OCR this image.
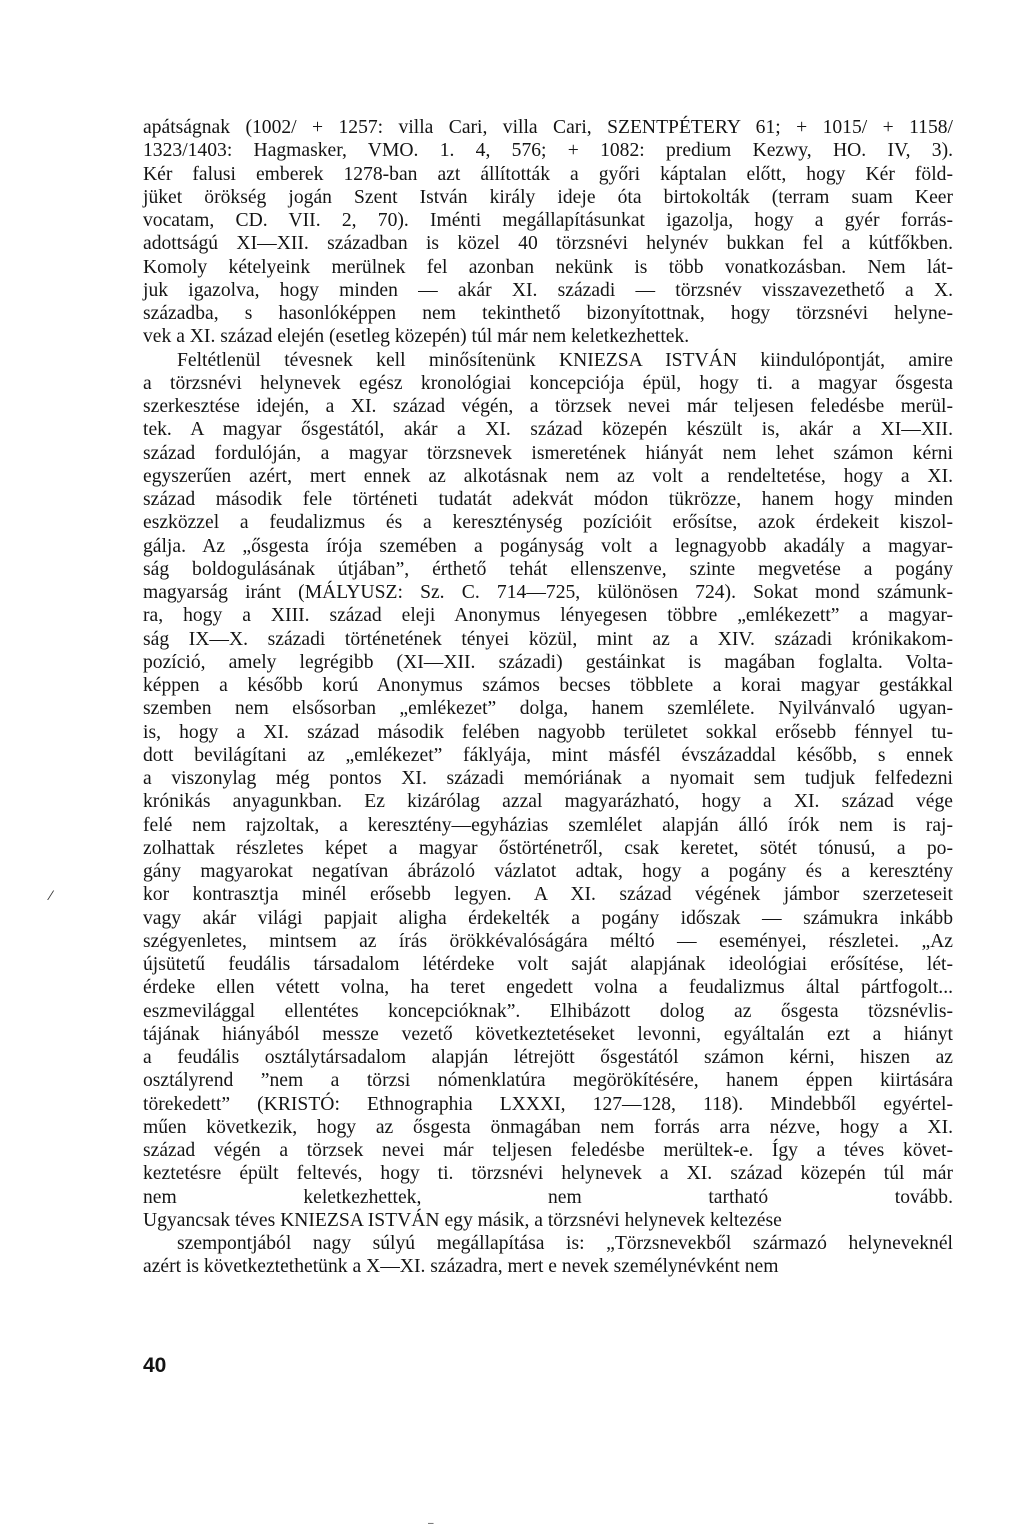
apátságnak (1002/ + 1257: villa Cari, villa Cari, SZENTPÉTERY 61; + 1015/ + 1158/
1323/1403: Hagmasker, VMO. 1. 4, 576; + 1082: predium Kezwy, HO. IV, 3).
Kér falusi emberek 1278-ban azt állították a győri káptalan előtt, hogy Kér föld-
jüket örökség jogán Szent István király ideje óta birtokolták (terram suam Keer
vocatam, CD. VII. 2, 70). Iménti megállapításunkat igazolja, hogy a gyér forrás-
adottságú XI—XII. században is közel 40 törzsnévi helynév bukkan fel a kútfőkben.
Komoly kételyeink merülnek fel azonban nekünk is több vonatkozásban. Nem lát-
juk igazolva, hogy minden — akár XI. századi — törzsnév visszavezethető a X.
századba, s hasonlóképpen nem tekinthető bizonyítottnak, hogy törzsnévi helyne-
vek a XI. század elején (esetleg közepén) túl már nem keletkezhettek.
Feltétlenül tévesnek kell minősítenünk KNIEZSA ISTVÁN kiindulópontját, amire
a törzsnévi helynevek egész kronológiai koncepciója épül, hogy ti. a magyar ősgesta
szerkesztése idején, a XI. század végén, a törzsek nevei már teljesen feledésbe merül-
tek. A magyar ősgestától, akár a XI. század közepén készült is, akár a XI—XII.
század fordulóján, a magyar törzsnevek ismeretének hiányát nem lehet számon kérni
egyszerűen azért, mert ennek az alkotásnak nem az volt a rendeltetése, hogy a XI.
század második fele történeti tudatát adekvát módon tükrözze, hanem hogy minden
eszközzel a feudalizmus és a kereszténység pozícióit erősítse, azok érdekeit kiszol-
gálja. Az „ősgesta írója szemében a pogányság volt a legnagyobb akadály a magyar-
ság boldogulásának útjában”, érthető tehát ellenszenve, szinte megvetése a pogány
magyarság iránt (MÁLYUSZ: Sz. C. 714—725, különösen 724). Sokat mond számunk-
ra, hogy a XIII. század eleji Anonymus lényegesen többre „emlékezett” a magyar-
ság IX—X. századi történetének tényei közül, mint az a XIV. századi krónikakom-
pozíció, amely legrégibb (XI—XII. századi) gestáinkat is magában foglalta. Volta-
képpen a később korú Anonymus számos becses többlete a korai magyar gestákkal
szemben nem elsősorban „emlékezet” dolga, hanem szemlélete. Nyilvánvaló ugyan-
is, hogy a XI. század második felében nagyobb területet sokkal erősebb fénnyel tu-
dott bevilágítani az „emlékezet” fáklyája, mint másfél évszázaddal később, s ennek
a viszonylag még pontos XI. századi memóriának a nyomait sem tudjuk felfedezni
krónikás anyagunkban. Ez kizárólag azzal magyarázható, hogy a XI. század vége
felé nem rajzoltak, a keresztény—egyházias szemlélet alapján álló írók nem is raj-
zolhattak részletes képet a magyar őstörténetről, csak keretet, sötét tónusú, a po-
gány magyarokat negatívan ábrázoló vázlatot adtak, hogy a pogány és a keresztény
kor kontrasztja minél erősebb legyen. A XI. század végének jámbor szerzeteseit
vagy akár világi papjait aligha érdekelték a pogány időszak — számukra inkább
szégyenletes, mintsem az írás örökkévalóságára méltó — eseményei, részletei. „Az
újsütetű feudális társadalom létérdeke volt saját alapjának ideológiai erősítése, lét-
érdeke ellen vétett volna, ha teret engedett volna a feudalizmus által pártfogolt...
eszmevilággal ellentétes koncepcióknak”. Elhibázott dolog az ősgesta tözsnévlis-
tájának hiányából messze vezető következtetéseket levonni, egyáltalán ezt a hiányt
a feudális osztálytársadalom alapján létrejött ősgestától számon kérni, hiszen az
osztályrend ”nem a törzsi nómenklatúra megörökítésére, hanem éppen kiirtására
törekedett” (KRISTÓ: Ethnographia LXXXI, 127—128, 118). Mindebből egyértel-
műen következik, hogy az ősgesta önmagában nem forrás arra nézve, hogy a XI.
század végén a törzsek nevei már teljesen feledésbe merültek-e. Így a téves követ-
keztetésre épült feltevés, hogy ti. törzsnévi helynevek a XI. század közepén túl már
nem keletkezhettek, nem tartható tovább.
Ugyancsak téves KNIEZSA ISTVÁN egy másik, a törzsnévi helynevek keltezése
szempontjából nagy súlyú megállapítása is: „Törzsnevekből származó helyneveknél
azért is következtethetünk a X—XI. századra, mert e nevek személynévként nem
40
⁄
‒
